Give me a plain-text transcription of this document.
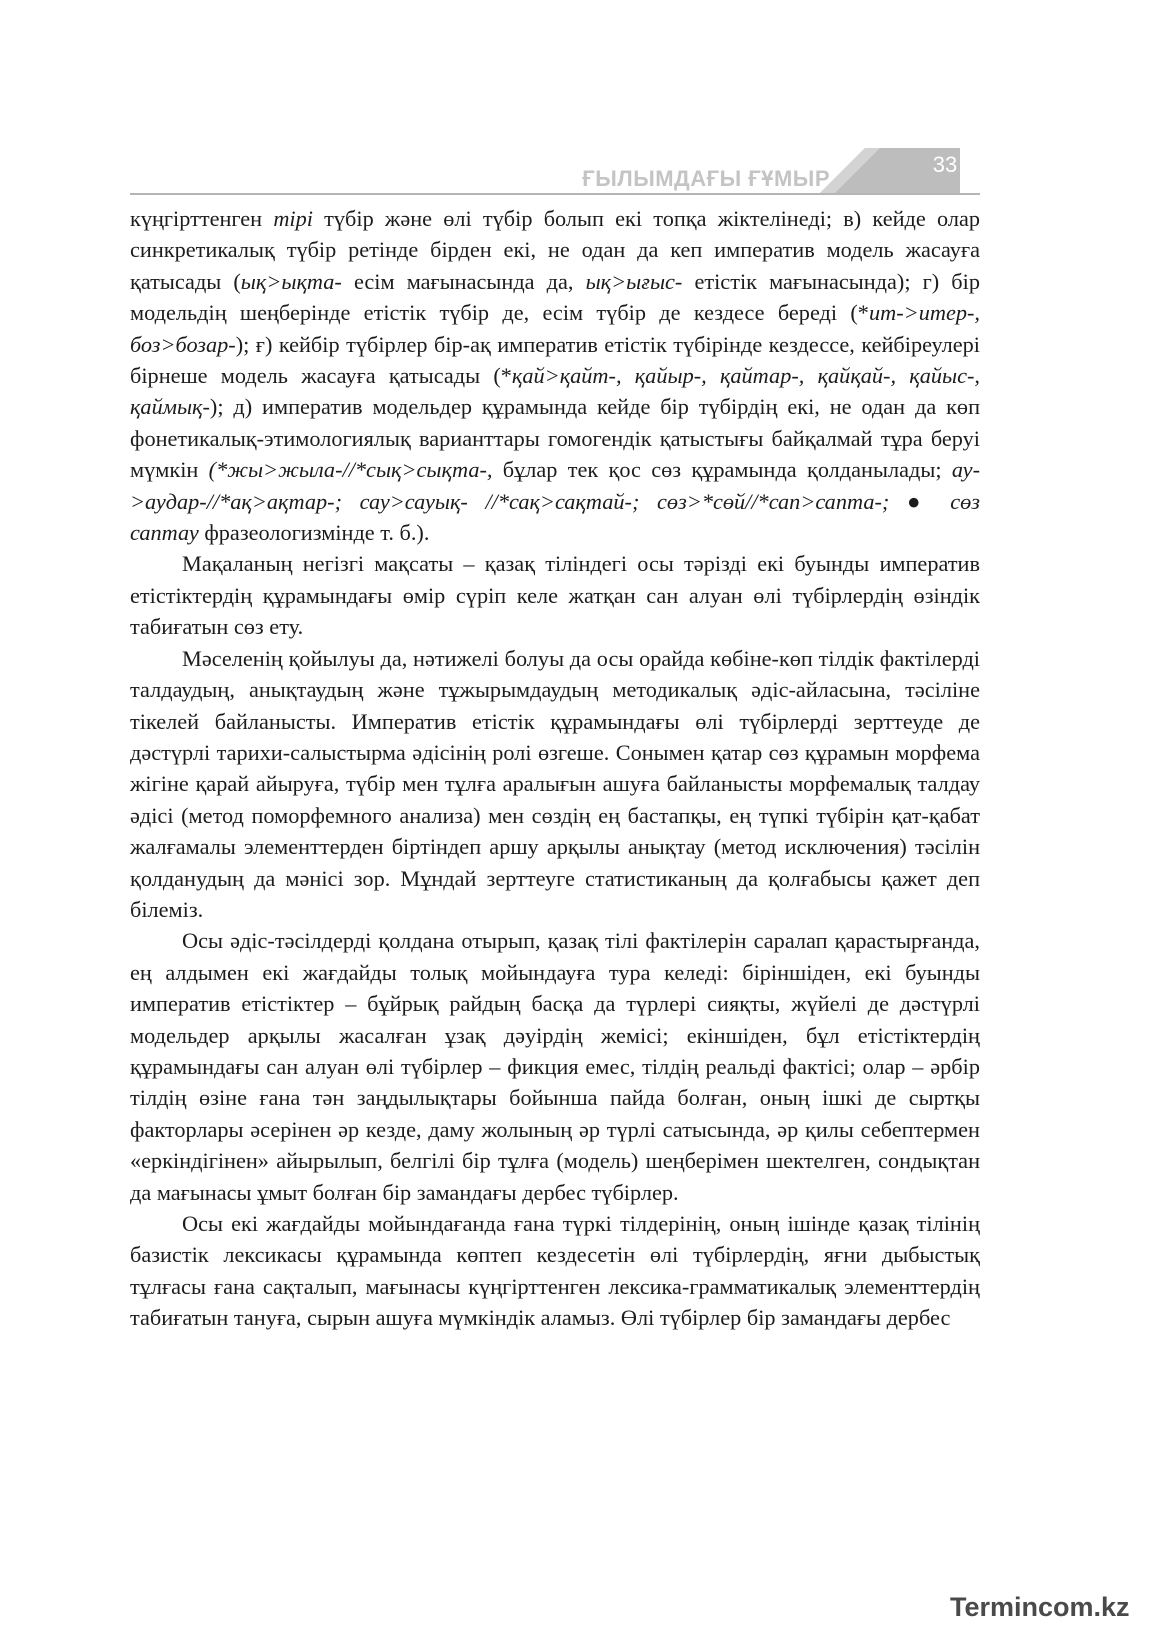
33
ҒЫЛЫМДАҒЫ ҒҰМЫР

күңгірттенген тірі түбір және өлі түбір болып екі топқа жіктелінеді; в) кейде олар синкретикалық түбір ретінде бірден екі, не одан да кеп императив модель жасауға қатысады (ық>ықта- есім мағынасында да, ық>ығыс- етістік мағынасында); г) бір модельдің шеңберінде етістік түбір де, есім түбір де кездесе береді (*ит->итер-, боз>бозар-); ғ) кейбір түбірлер бір-ақ императив етістік түбірінде кездессе, кейбіреулері бірнеше модель жасауға қатысады (*қай>қайт-, қайыр-, қайтар-, қайқай-, қайыс-, қаймық-); д) императив модельдер құрамында кейде бір түбірдің екі, не одан да көп фонетикалық-этимологиялық варианттары гомогендік қатыстығы байқалмай тұра беруі мүмкін (*жы>жыла-//*сық>сықта-, бұлар тек қос сөз құрамында қолданылады; ау->аудар-//*ақ>ақтар-; сау>сауық- //*сақ>сақтай-; сөз>*сөй//*сап>сапта-; ● сөз саптау фразеологизмінде т. б.).

Мақаланың негізгі мақсаты – қазақ тіліндегі осы тәрізді екі буынды императив етістіктердің құрамындағы өмір сүріп келе жатқан сан алуан өлі түбірлердің өзіндік табиғатын сөз ету.

Мәселенің қойылуы да, нәтижелі болуы да осы орайда көбіне-көп тілдік фактілерді талдаудың, анықтаудың және тұжырымдаудың методикалық әдіс-айласына, тәсіліне тікелей байланысты. Императив етістік құрамындағы өлі түбірлерді зерттеуде де дәстүрлі тарихи-салыстырма әдісінің ролі өзгеше. Сонымен қатар сөз құрамын морфема жігіне қарай айыруға, түбір мен тұлға аралығын ашуға байланысты морфемалық талдау әдісі (метод поморфемного анализа) мен сөздің ең бастапқы, ең түпкі түбірін қат-қабат жалғамалы элементтерден біртіндеп аршу арқылы анықтау (метод исключения) тәсілін қолданудың да мәнісі зор. Мұндай зерттеуге статистиканың да қолғабысы қажет деп білеміз.

Осы әдіс-тәсілдерді қолдана отырып, қазақ тілі фактілерін саралап қарастырғанда, ең алдымен екі жағдайды толық мойындауға тура келеді: біріншіден, екі буынды императив етістіктер – бұйрық райдың басқа да түрлері сияқты, жүйелі де дәстүрлі модельдер арқылы жасалған ұзақ дәуірдің жемісі; екіншіден, бұл етістіктердің құрамындағы сан алуан өлі түбірлер – фикция емес, тілдің реальді фактісі; олар – әрбір тілдің өзіне ғана тән заңдылықтары бойынша пайда болған, оның ішкі де сыртқы факторлары әсерінен әр кезде, даму жолының әр түрлі сатысында, әр қилы себептермен «еркіндігінен» айырылып, белгілі бір тұлға (модель) шеңберімен шектелген, сондықтан да мағынасы ұмыт болған бір замандағы дербес түбірлер.

Осы екі жағдайды мойындағанда ғана түркі тілдерінің, оның ішінде қазақ тілінің базистік лексикасы құрамында көптеп кездесетін өлі түбірлердің, яғни дыбыстық тұлғасы ғана сақталып, мағынасы күңгірттенген лексика-грамматикалық элементтердің табиғатын тануға, сырын ашуға мүмкіндік аламыз. Өлі түбірлер бір замандағы дербес

Termincom.kz
